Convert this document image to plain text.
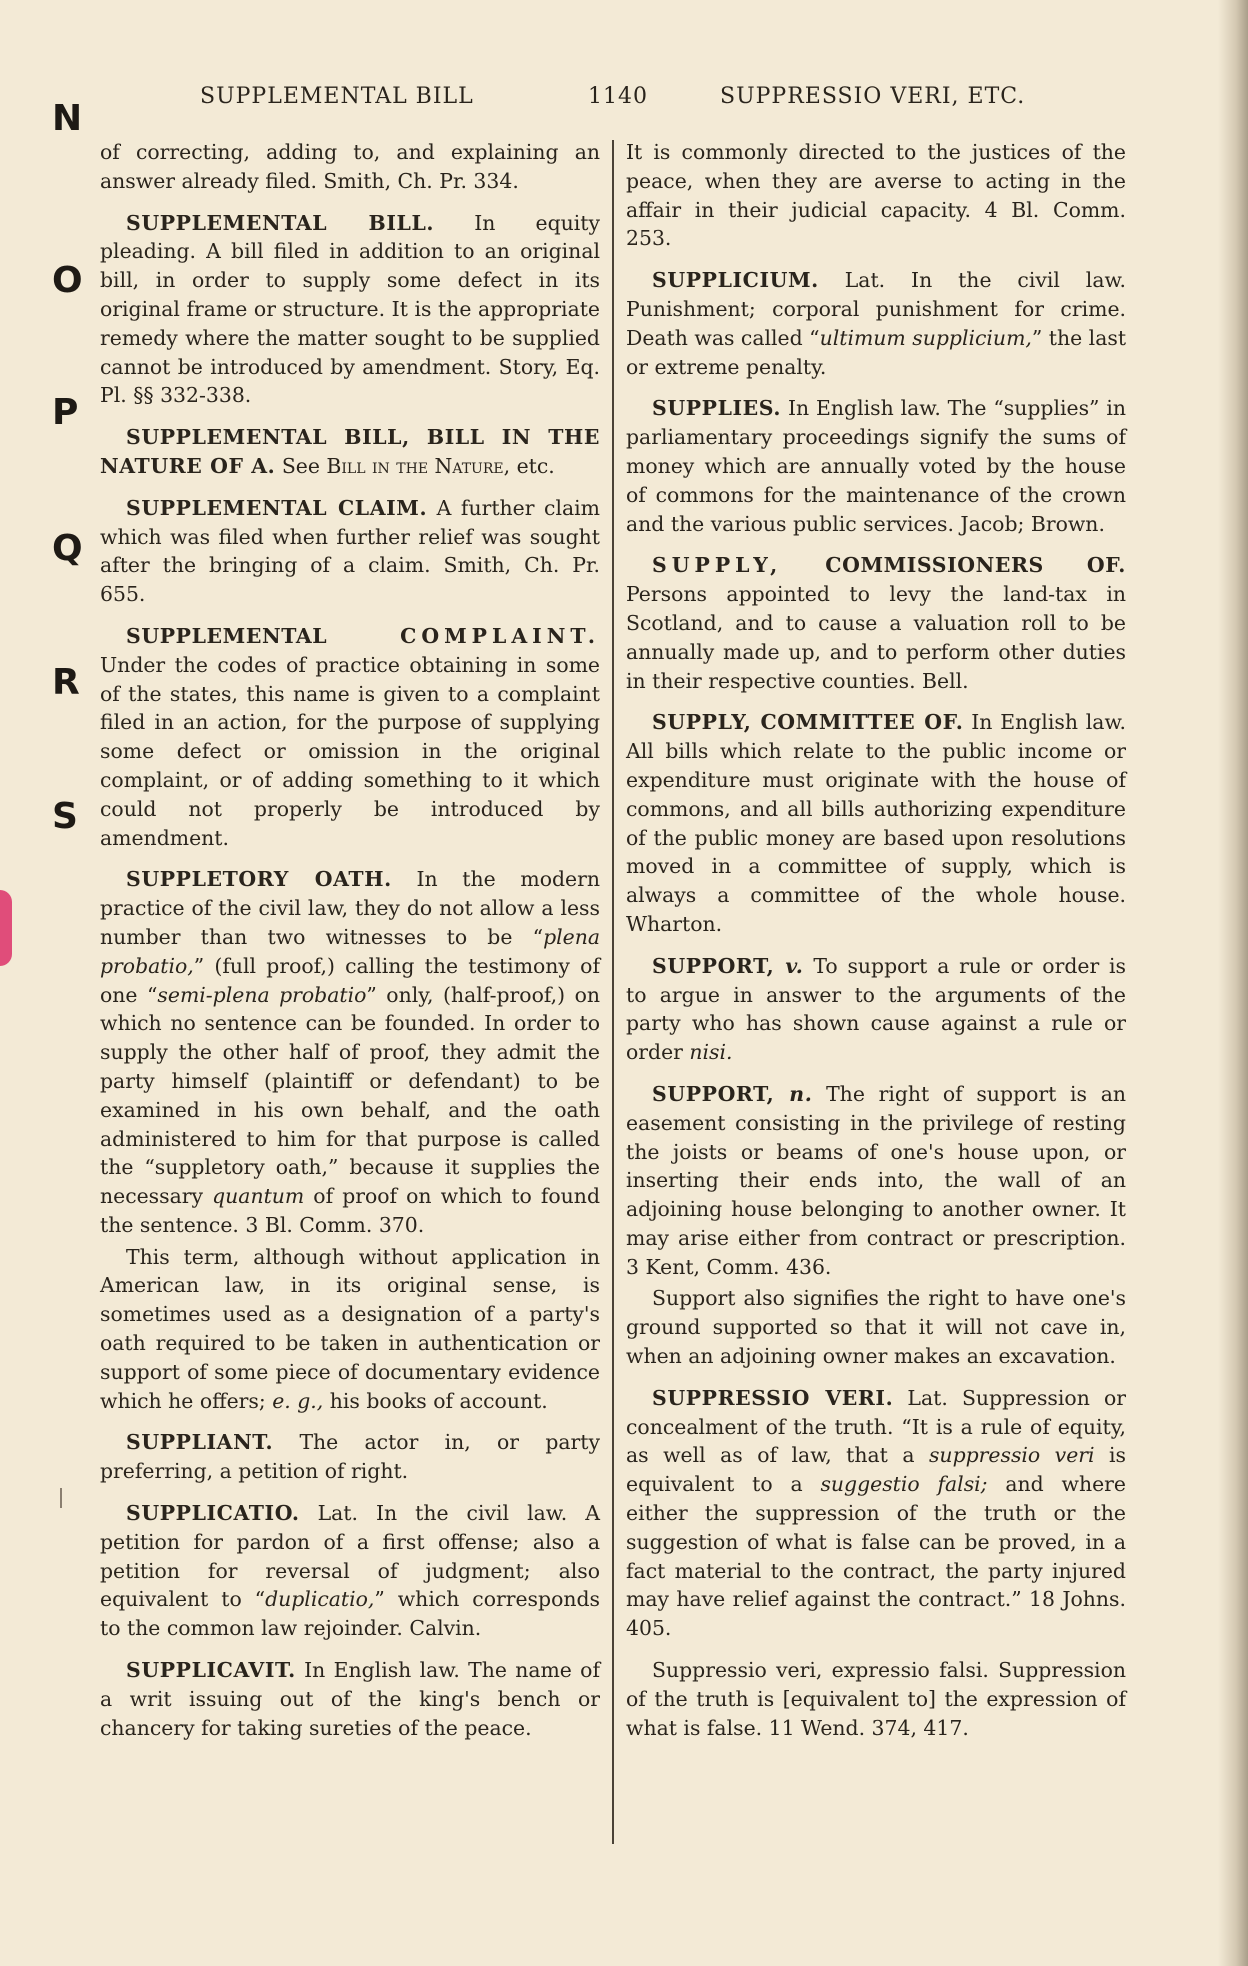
SUPPLEMENTAL BILL	1140	SUPPRESSIO VERI, ETC.
N
O
P
Q
R
S

of correcting, adding to, and explaining an answer already filed. Smith, Ch. Pr. 334.

SUPPLEMENTAL BILL. In equity pleading. A bill filed in addition to an original bill, in order to supply some defect in its original frame or structure. It is the appropriate remedy where the matter sought to be supplied cannot be introduced by amendment. Story, Eq. Pl. §§ 332-338.

SUPPLEMENTAL BILL, BILL IN THE NATURE OF A. See Bill in the Nature, etc.

SUPPLEMENTAL CLAIM. A further claim which was filed when further relief was sought after the bringing of a claim. Smith, Ch. Pr. 655.

SUPPLEMENTAL COMPLAINT. Under the codes of practice obtaining in some of the states, this name is given to a complaint filed in an action, for the purpose of supplying some defect or omission in the original complaint, or of adding something to it which could not properly be introduced by amendment.

SUPPLETORY OATH. In the modern practice of the civil law, they do not allow a less number than two witnesses to be “plena probatio,” (full proof,) calling the testimony of one “semi-plena probatio” only, (half-proof,) on which no sentence can be founded. In order to supply the other half of proof, they admit the party himself (plaintiff or defendant) to be examined in his own behalf, and the oath administered to him for that purpose is called the “suppletory oath,” because it supplies the necessary quantum of proof on which to found the sentence. 3 Bl. Comm. 370.

This term, although without application in American law, in its original sense, is sometimes used as a designation of a party's oath required to be taken in authentication or support of some piece of documentary evidence which he offers; e. g., his books of account.

SUPPLIANT. The actor in, or party preferring, a petition of right.

SUPPLICATIO. Lat. In the civil law. A petition for pardon of a first offense; also a petition for reversal of judgment; also equivalent to “duplicatio,” which corresponds to the common law rejoinder. Calvin.

SUPPLICAVIT. In English law. The name of a writ issuing out of the king's bench or chancery for taking sureties of the peace.

It is commonly directed to the justices of the peace, when they are averse to acting in the affair in their judicial capacity. 4 Bl. Comm. 253.

SUPPLICIUM. Lat. In the civil law. Punishment; corporal punishment for crime. Death was called “ultimum supplicium,” the last or extreme penalty.

SUPPLIES. In English law. The “supplies” in parliamentary proceedings signify the sums of money which are annually voted by the house of commons for the maintenance of the crown and the various public services. Jacob; Brown.

SUPPLY, COMMISSIONERS OF. Persons appointed to levy the land-tax in Scotland, and to cause a valuation roll to be annually made up, and to perform other duties in their respective counties. Bell.

SUPPLY, COMMITTEE OF. In English law. All bills which relate to the public income or expenditure must originate with the house of commons, and all bills authorizing expenditure of the public money are based upon resolutions moved in a committee of supply, which is always a committee of the whole house. Wharton.

SUPPORT, v. To support a rule or order is to argue in answer to the arguments of the party who has shown cause against a rule or order nisi.

SUPPORT, n. The right of support is an easement consisting in the privilege of resting the joists or beams of one's house upon, or inserting their ends into, the wall of an adjoining house belonging to another owner. It may arise either from contract or prescription. 3 Kent, Comm. 436.

Support also signifies the right to have one's ground supported so that it will not cave in, when an adjoining owner makes an excavation.

SUPPRESSIO VERI. Lat. Suppression or concealment of the truth. “It is a rule of equity, as well as of law, that a suppressio veri is equivalent to a suggestio falsi; and where either the suppression of the truth or the suggestion of what is false can be proved, in a fact material to the contract, the party injured may have relief against the contract.” 18 Johns. 405.

Suppressio veri, expressio falsi. Suppression of the truth is [equivalent to] the expression of what is false. 11 Wend. 374, 417.
